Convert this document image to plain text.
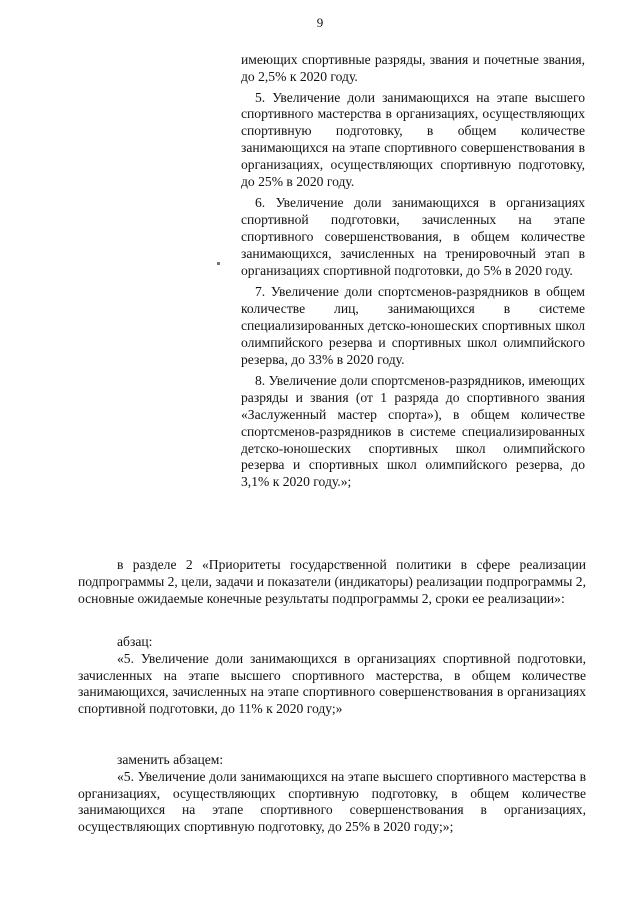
9

имеющих спортивные разряды, звания и почетные звания, до 2,5% к 2020 году.

5. Увеличение доли занимающихся на этапе высшего спортивного мастерства в организациях, осуществляющих спортивную подготовку, в общем количестве занимающихся на этапе спортивного совершенствования в организациях, осуществляющих спортивную подготовку, до 25% в 2020 году.

6. Увеличение доли занимающихся в организациях спортивной подготовки, зачисленных на этапе спортивного совершенствования, в общем количестве занимающихся, зачисленных на тренировочный этап в организациях спортивной подготовки, до 5% в 2020 году.

7. Увеличение доли спортсменов-разрядников в общем количестве лиц, занимающихся в системе специализированных детско-юношеских спортивных школ олимпийского резерва и спортивных школ олимпийского резерва, до 33% в 2020 году.

8. Увеличение доли спортсменов-разрядников, имеющих разряды и звания (от 1 разряда до спортивного звания «Заслуженный мастер спорта»), в общем количестве спортсменов-разрядников в системе специализированных детско-юношеских спортивных школ олимпийского резерва и спортивных школ олимпийского резерва, до 3,1% к 2020 году.»;

в разделе 2 «Приоритеты государственной политики в сфере реализации подпрограммы 2, цели, задачи и показатели (индикаторы) реализации подпрограммы 2, основные ожидаемые конечные результаты подпрограммы 2, сроки ее реализации»:

абзац:

«5. Увеличение доли занимающихся в организациях спортивной подготовки, зачисленных на этапе высшего спортивного мастерства, в общем количестве занимающихся, зачисленных на этапе спортивного совершенствования в организациях спортивной подготовки, до 11% к 2020 году;»

заменить абзацем:

«5. Увеличение доли занимающихся на этапе высшего спортивного мастерства в организациях, осуществляющих спортивную подготовку, в общем количестве занимающихся на этапе спортивного совершенствования в организациях, осуществляющих спортивную подготовку, до 25% в 2020 году;»;
